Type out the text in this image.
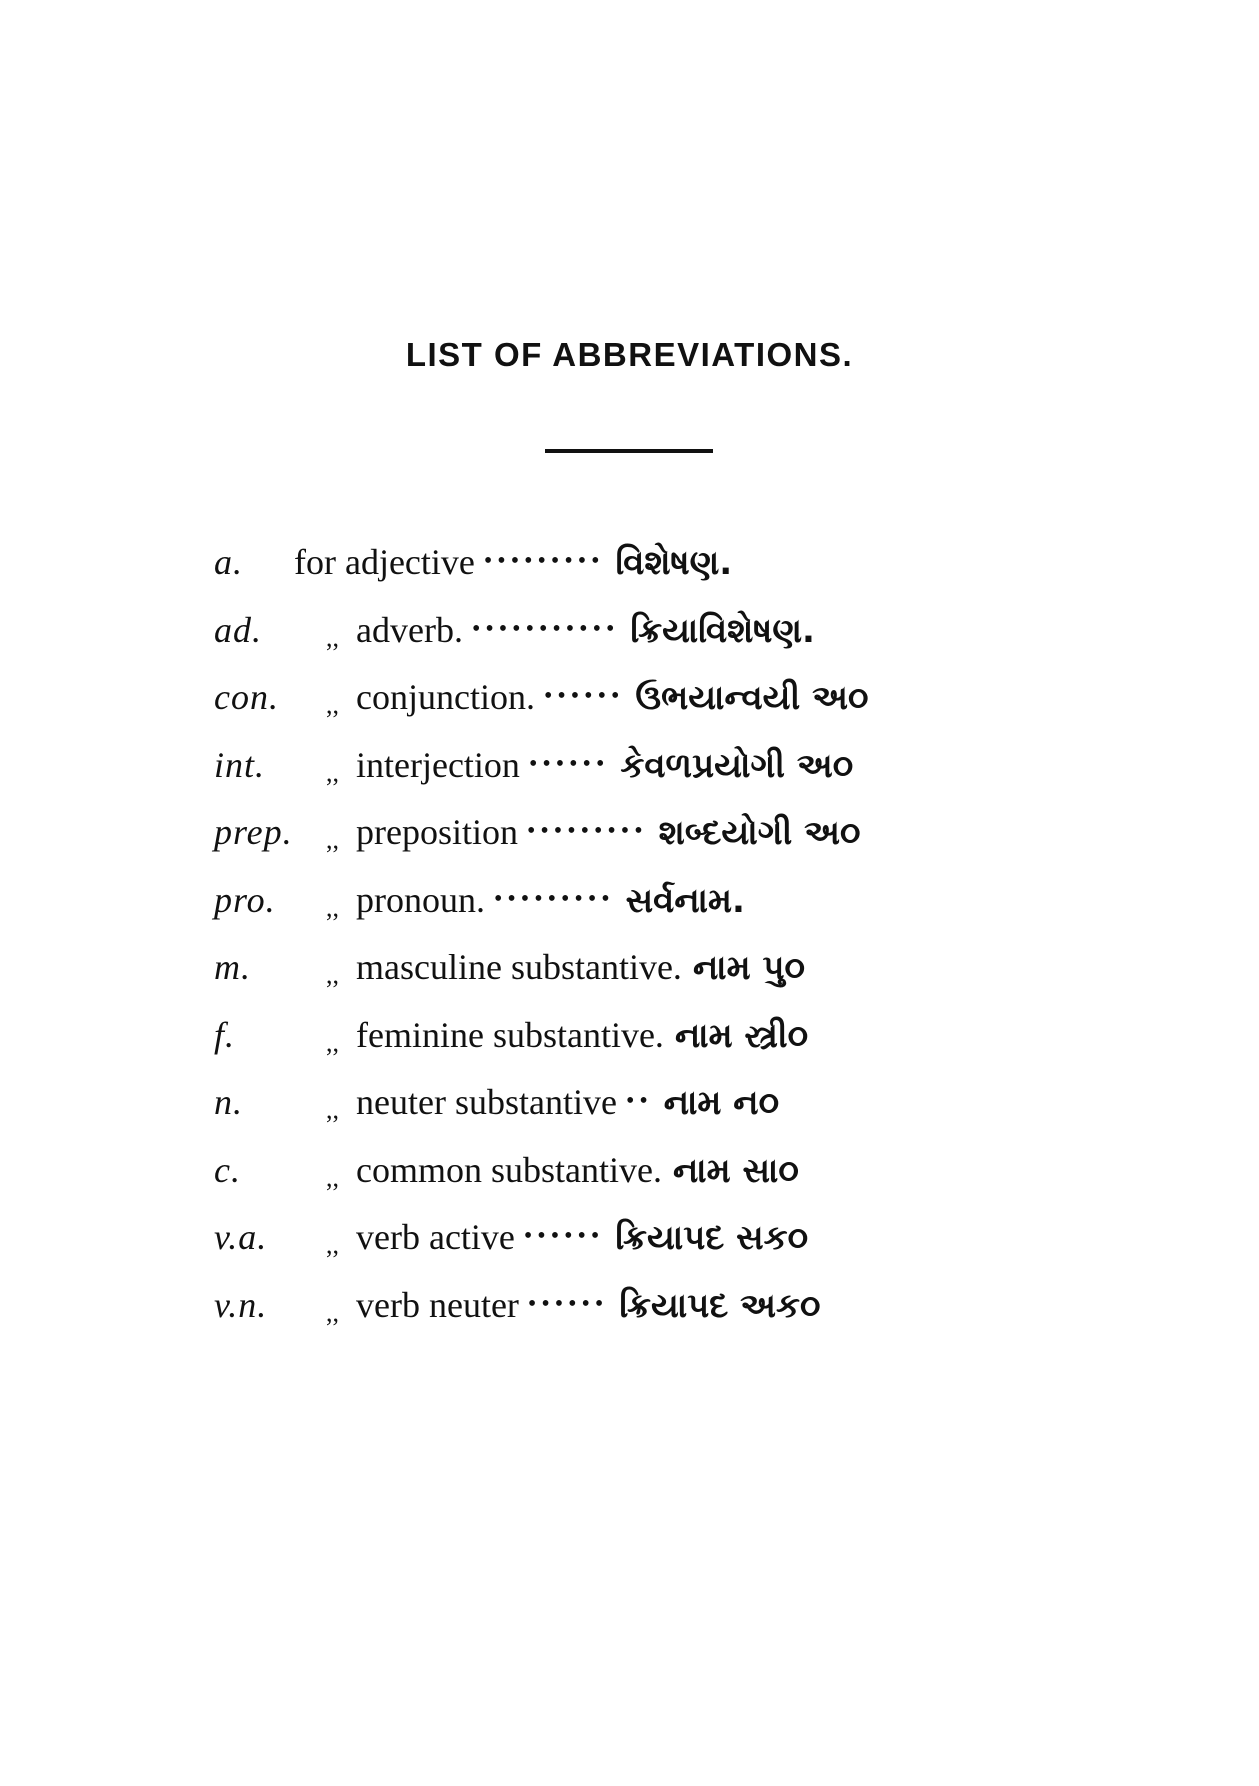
LIST OF ABBREVIATIONS.
a. for adjective ••••••••• વિશેષણ.
ad. ,, adverb. ••••••••••• ક્રિયાવિશેષણ.
con. ,, conjunction. •••••• ઉભયાન્વયી અ૦
int. ,, interjection •••••• કેવળપ્રયોગી અ૦
prep. ,, preposition ••••••••• શબ્દયોગી અ૦
pro. ,, pronoun. ••••••••• સર્વનામ.
m.	,, masculine substantive. નામ પુ૦
f.	,, feminine substantive. નામ સ્ત્રી૦
n.	,, neuter substantive •• નામ ન૦
c.	,, common substantive. નામ સા૦
v.a. ,, verb active •••••• ક્રિયાપદ સક૦
v.n. ,, verb neuter •••••• ક્રિયાપદ અક૦
